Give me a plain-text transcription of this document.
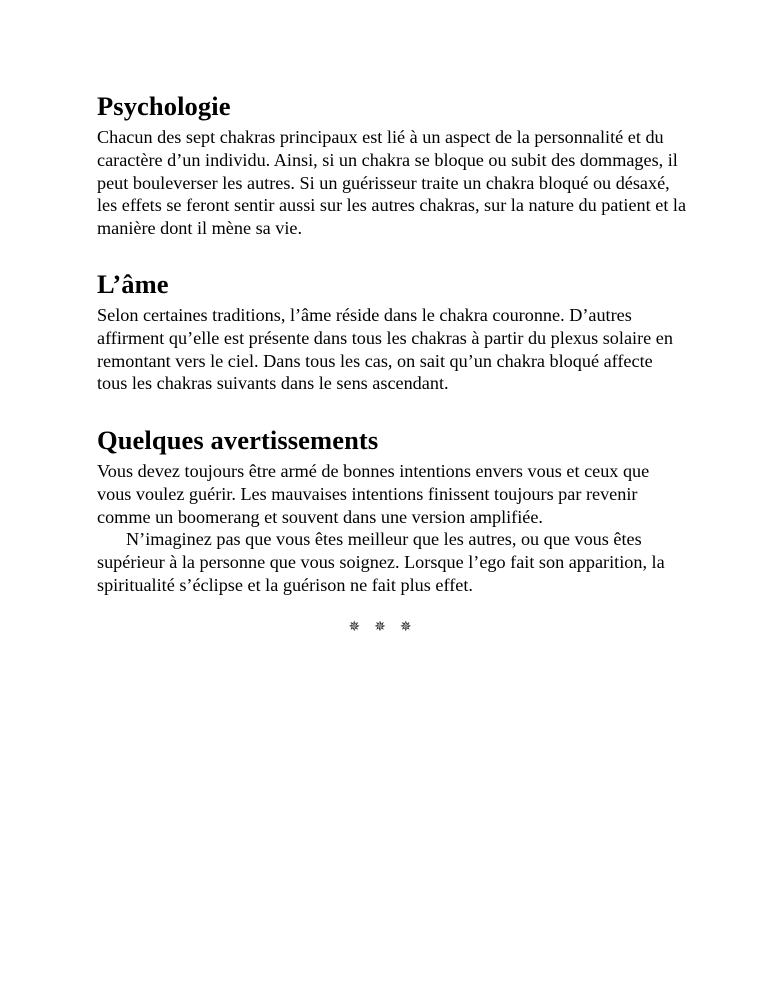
Psychologie

Chacun des sept chakras principaux est lié à un aspect de la personnalité et du caractère d’un individu. Ainsi, si un chakra se bloque ou subit des dommages, il peut bouleverser les autres. Si un guérisseur traite un chakra bloqué ou désaxé, les effets se feront sentir aussi sur les autres chakras, sur la nature du patient et la manière dont il mène sa vie.

L’âme

Selon certaines traditions, l’âme réside dans le chakra couronne. D’autres affirment qu’elle est présente dans tous les chakras à partir du plexus solaire en remontant vers le ciel. Dans tous les cas, on sait qu’un chakra bloqué affecte tous les chakras suivants dans le sens ascendant.

Quelques avertissements

Vous devez toujours être armé de bonnes intentions envers vous et ceux que vous voulez guérir. Les mauvaises intentions finissent toujours par revenir comme un boomerang et souvent dans une version amplifiée.

N’imaginez pas que vous êtes meilleur que les autres, ou que vous êtes supérieur à la personne que vous soignez. Lorsque l’ego fait son apparition, la spiritualité s’éclipse et la guérison ne fait plus effet.

✵ ✵ ✵
